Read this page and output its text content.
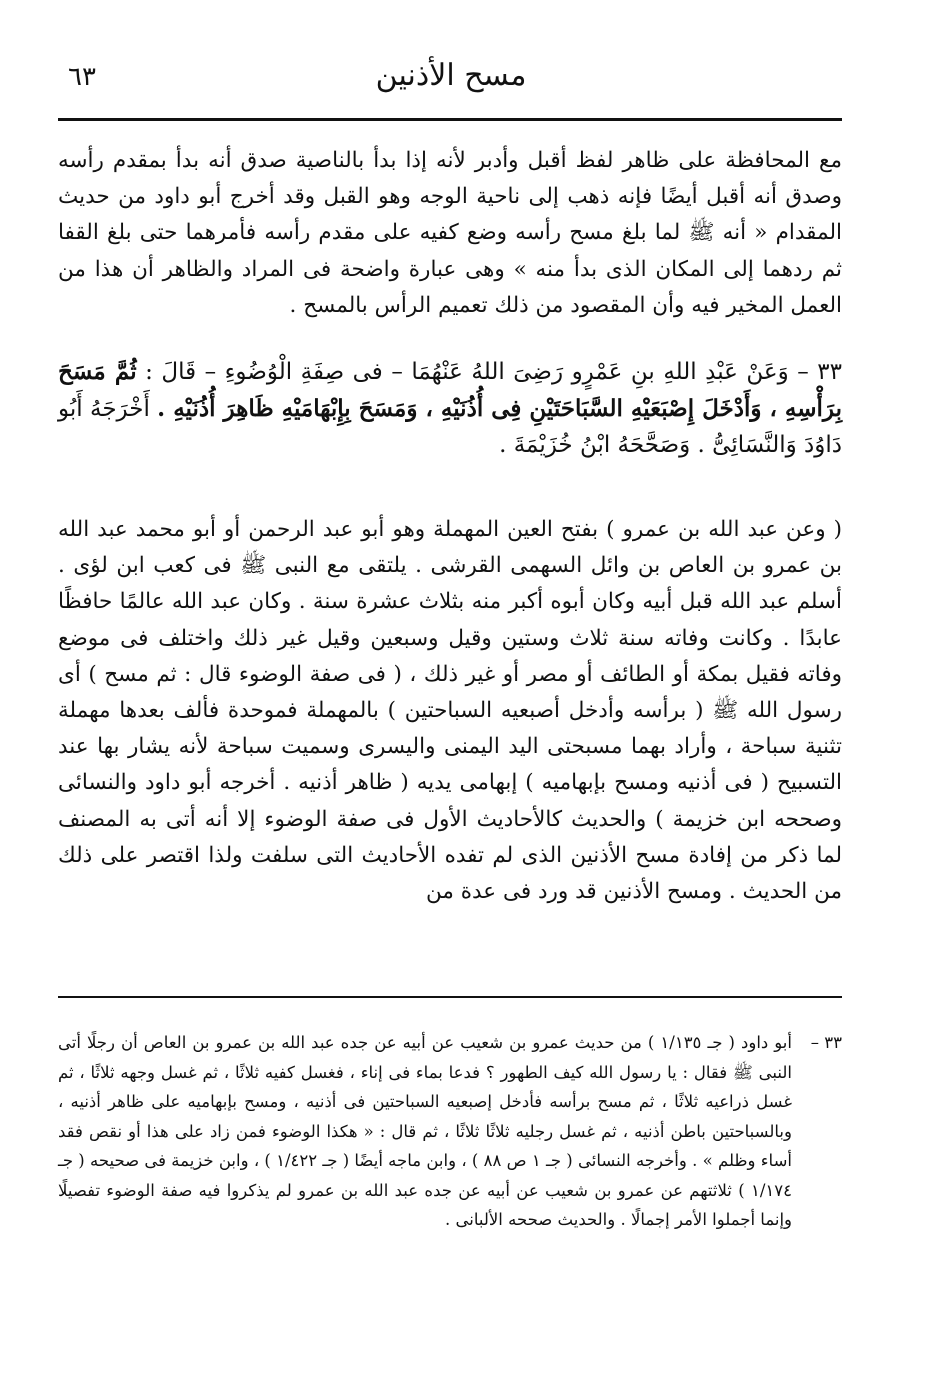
مسح الأذنين
٦٣

مع المحافظة على ظاهر لفظ أقبل وأدبر لأنه إذا بدأ بالناصية صدق أنه بدأ بمقدم رأسه وصدق أنه أقبل أيضًا فإنه ذهب إلى ناحية الوجه وهو القبل وقد أخرج أبو داود من حديث المقدام « أنه ﷺ لما بلغ مسح رأسه وضع كفيه على مقدم رأسه فأمرهما حتى بلغ القفا ثم ردهما إلى المكان الذى بدأ منه » وهى عبارة واضحة فى المراد والظاهر أن هذا من العمل المخير فيه وأن المقصود من ذلك تعميم الرأس بالمسح .

٣٣ – وَعَنْ عَبْدِ اللهِ بنِ عَمْرٍو رَضِىَ اللهُ عَنْهُمَا – فى صِفَةِ الْوُضُوءِ – قَالَ : ثُمَّ مَسَحَ بِرَأْسِهِ ، وَأَدْخَلَ إِصْبَعَيْهِ السَّبَاحَتَيْنِ فِى أُذُنَيْهِ ، وَمَسَحَ بِإِبْهَامَيْهِ ظَاهِرَ أُذُنَيْهِ . أَخْرَجَهُ أَبُو دَاوُدَ وَالنَّسَائِىُّ . وَصَحَّحَهُ ابْنُ خُزَيْمَةَ .

( وعن عبد الله بن عمرو ) بفتح العين المهملة وهو أبو عبد الرحمن أو أبو محمد عبد الله بن عمرو بن العاص بن وائل السهمى القرشى . يلتقى مع النبى ﷺ فى كعب ابن لؤى . أسلم عبد الله قبل أبيه وكان أبوه أكبر منه بثلاث عشرة سنة . وكان عبد الله عالمًا حافظًا عابدًا . وكانت وفاته سنة ثلاث وستين وقيل وسبعين وقيل غير ذلك واختلف فى موضع وفاته فقيل بمكة أو الطائف أو مصر أو غير ذلك ، ( فى صفة الوضوء قال : ثم مسح ) أى رسول الله ﷺ ( برأسه وأدخل أصبعيه السباحتين ) بالمهملة فموحدة فألف بعدها مهملة تثنية سباحة ، وأراد بهما مسبحتى اليد اليمنى واليسرى وسميت سباحة لأنه يشار بها عند التسبيح ( فى أذنيه ومسح بإبهاميه ) إبهامى يديه ( ظاهر أذنيه . أخرجه أبو داود والنسائى وصححه ابن خزيمة ) والحديث كالأحاديث الأول فى صفة الوضوء إلا أنه أتى به المصنف لما ذكر من إفادة مسح الأذنين الذى لم تفده الأحاديث التى سلفت ولذا اقتصر على ذلك من الحديث . ومسح الأذنين قد ورد فى عدة من

٣٣ –
أبو داود ( جـ ١/١٣٥ ) من حديث عمرو بن شعيب عن أبيه عن جده عبد الله بن عمرو بن العاص أن رجلًا أتى النبى ﷺ فقال : يا رسول الله كيف الطهور ؟ فدعا بماء فى إناء ، فغسل كفيه ثلاثًا ، ثم غسل وجهه ثلاثًا ، ثم غسل ذراعيه ثلاثًا ، ثم مسح برأسه فأدخل إصبعيه السباحتين فى أذنيه ، ومسح بإبهاميه على ظاهر أذنيه ، وبالسباحتين باطن أذنيه ، ثم غسل رجليه ثلاثًا ثلاثًا ، ثم قال : « هكذا الوضوء فمن زاد على هذا أو نقص فقد أساء وظلم » . وأخرجه النسائى ( جـ ١ ص ٨٨ ) ، وابن ماجه أيضًا ( جـ ١/٤٢٢ ) ، وابن خزيمة فى صحيحه ( جـ ١/١٧٤ ) ثلاثتهم عن عمرو بن شعيب عن أبيه عن جده عبد الله بن عمرو لم يذكروا فيه صفة الوضوء تفصيلًا وإنما أجملوا الأمر إجمالًا . والحديث صححه الألبانى .
